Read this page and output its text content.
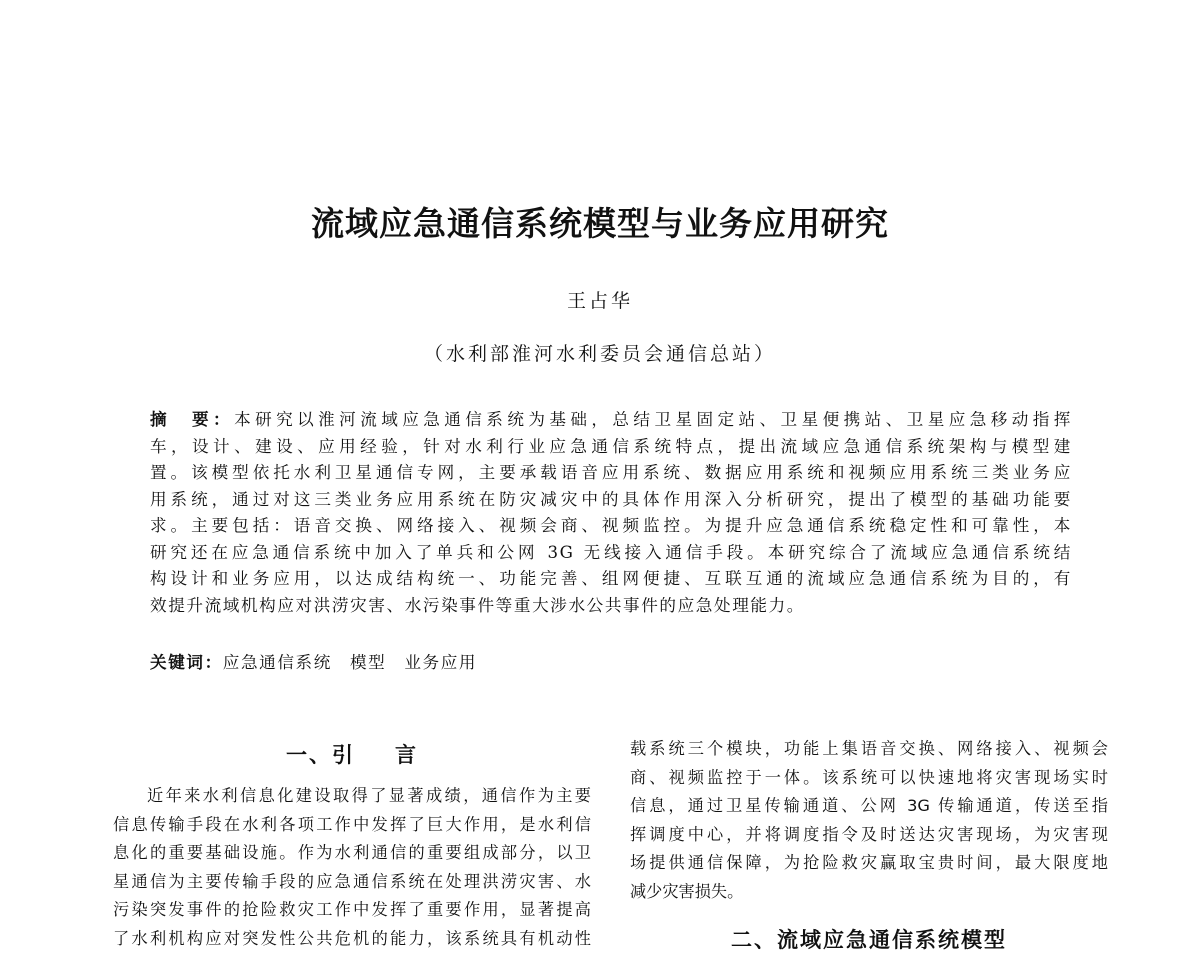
流域应急通信系统模型与业务应用研究
王占华
（水利部淮河水利委员会通信总站）
摘　要：本研究以淮河流域应急通信系统为基础，总结卫星固定站、卫星便携站、卫星应急移动指挥
车，设计、建设、应用经验，针对水利行业应急通信系统特点，提出流域应急通信系统架构与模型建
置。该模型依托水利卫星通信专网，主要承载语音应用系统、数据应用系统和视频应用系统三类业务应
用系统，通过对这三类业务应用系统在防灾减灾中的具体作用深入分析研究，提出了模型的基础功能要
求。主要包括：语音交换、网络接入、视频会商、视频监控。为提升应急通信系统稳定性和可靠性，本
研究还在应急通信系统中加入了单兵和公网 3G 无线接入通信手段。本研究综合了流域应急通信系统结
构设计和业务应用，以达成结构统一、功能完善、组网便捷、互联互通的流域应急通信系统为目的，有
效提升流域机构应对洪涝灾害、水污染事件等重大涉水公共事件的应急处理能力。
关键词：应急通信系统 模型 业务应用
一、引 言
近年来水利信息化建设取得了显著成绩，通信作为主要
信息传输手段在水利各项工作中发挥了巨大作用，是水利信
息化的重要基础设施。作为水利通信的重要组成部分，以卫
星通信为主要传输手段的应急通信系统在处理洪涝灾害、水
污染突发事件的抢险救灾工作中发挥了重要作用，显著提高
了水利机构应对突发性公共危机的能力，该系统具有机动性
载系统三个模块，功能上集语音交换、网络接入、视频会
商、视频监控于一体。该系统可以快速地将灾害现场实时
信息，通过卫星传输通道、公网 3G 传输通道，传送至指
挥调度中心，并将调度指令及时送达灾害现场，为灾害现
场提供通信保障，为抢险救灾赢取宝贵时间，最大限度地
减少灾害损失。
二、流域应急通信系统模型
